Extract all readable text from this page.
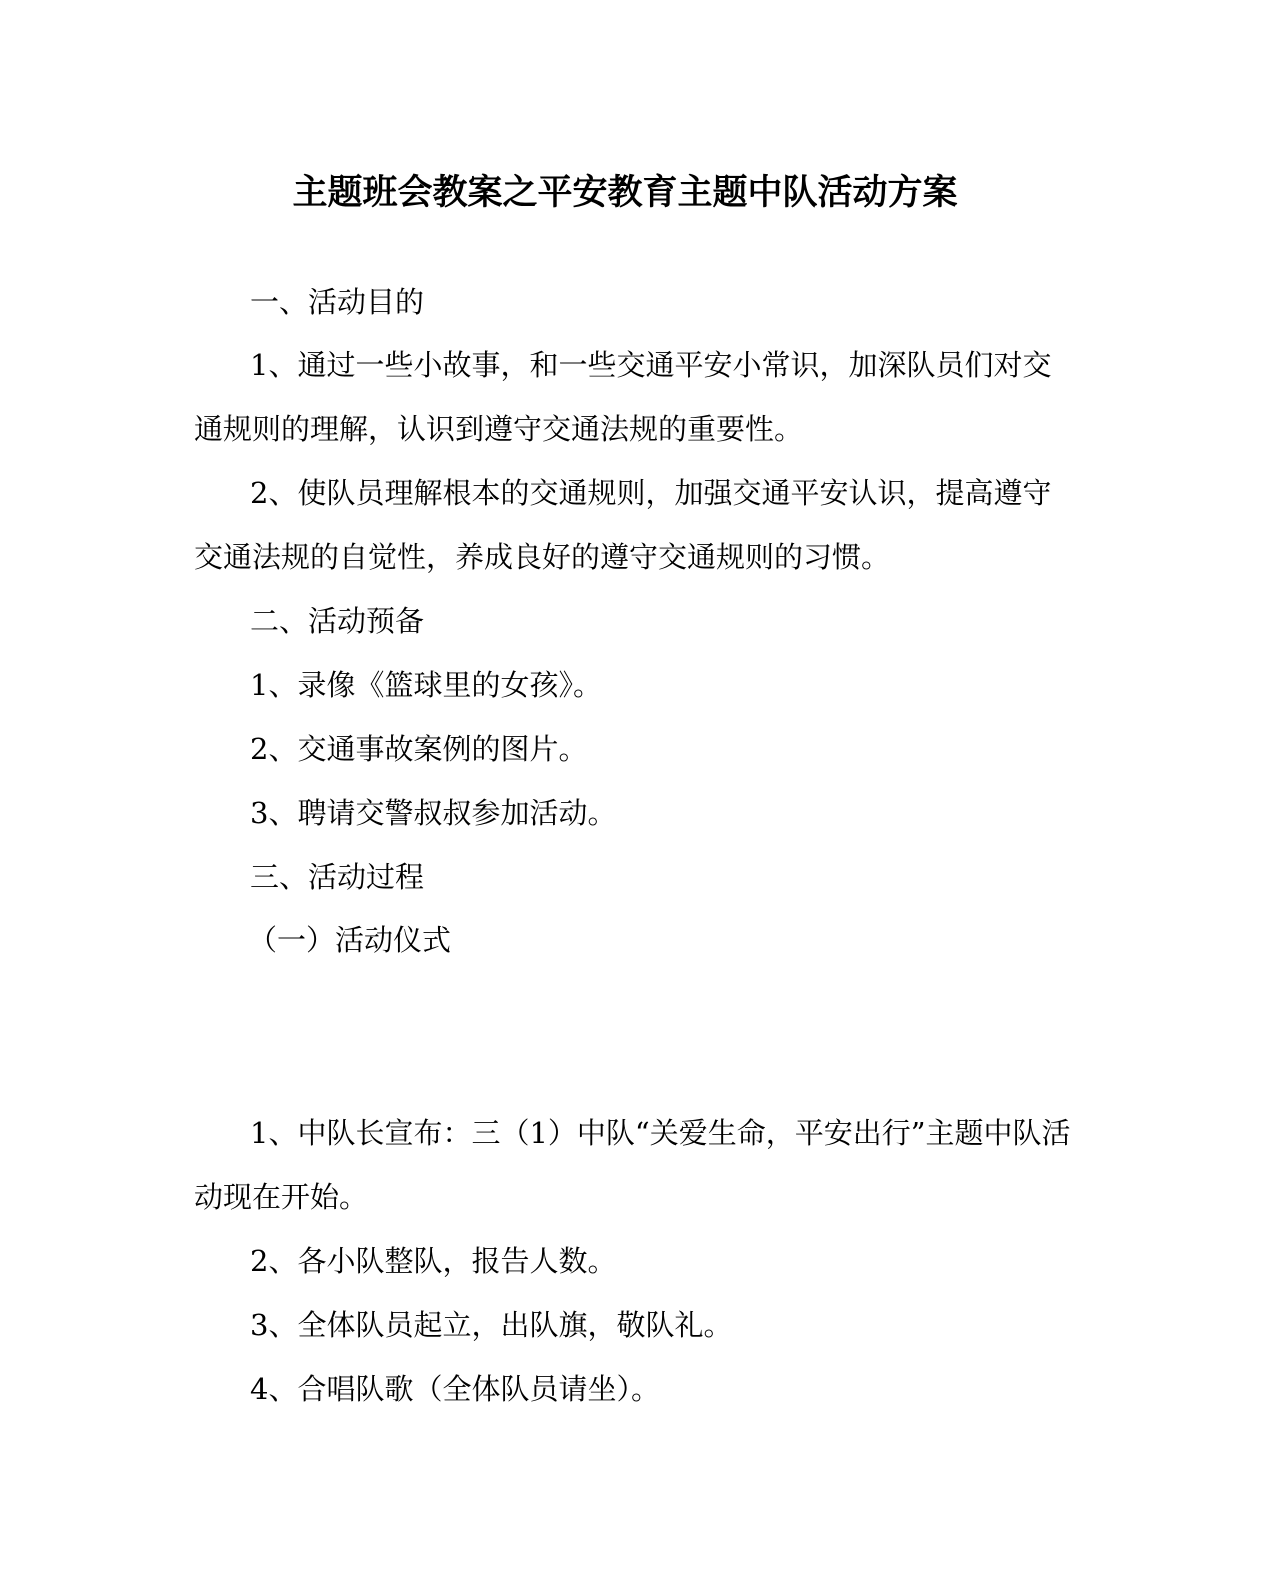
主题班会教案之平安教育主题中队活动方案
一、活动目的
1、通过一些小故事，和一些交通平安小常识，加深队员们对交
通规则的理解，认识到遵守交通法规的重要性。
2、使队员理解根本的交通规则，加强交通平安认识，提高遵守
交通法规的自觉性，养成良好的遵守交通规则的习惯。
二、活动预备
1、录像《篮球里的女孩》。
2、交通事故案例的图片。
3、聘请交警叔叔参加活动。
三、活动过程
（一）活动仪式
1、中队长宣布：三（1）中队“关爱生命，平安出行”主题中队活
动现在开始。
2、各小队整队，报告人数。
3、全体队员起立，出队旗，敬队礼。
4、合唱队歌（全体队员请坐）。
